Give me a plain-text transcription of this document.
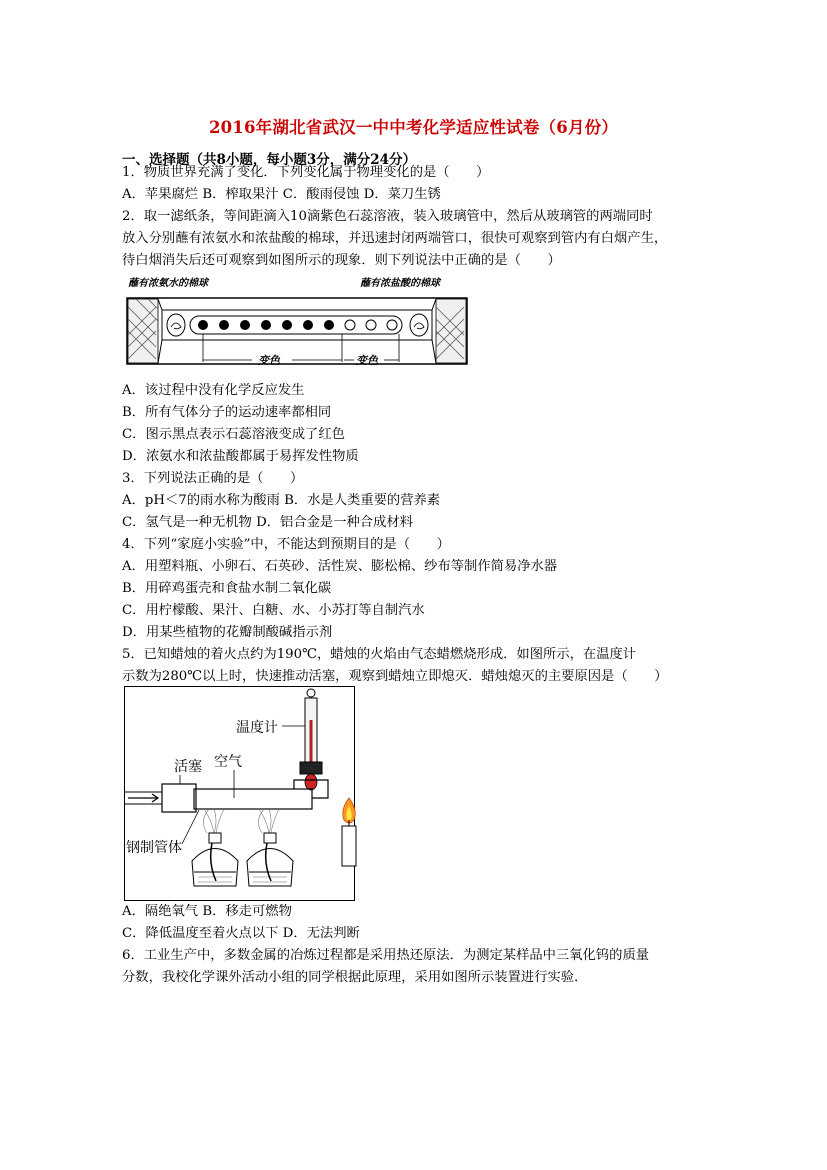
2016年湖北省武汉一中中考化学适应性试卷（6月份）
一、选择题（共8小题，每小题3分，满分24分）
1．物质世界充满了变化．下列变化属于物理变化的是（　　）
A．苹果腐烂 B．榨取果汁 C．酸雨侵蚀 D．菜刀生锈
2．取一滤纸条，等间距滴入10滴紫色石蕊溶液，装入玻璃管中，然后从玻璃管的两端同时
放入分别蘸有浓氨水和浓盐酸的棉球，并迅速封闭两端管口，很快可观察到管内有白烟产生，
待白烟消失后还可观察到如图所示的现象．则下列说法中正确的是（　　）
蘸有浓氨水的棉球	蘸有浓盐酸的棉球
变色	变色
A．该过程中没有化学反应发生
B．所有气体分子的运动速率都相同
C．图示黑点表示石蕊溶液变成了红色
D．浓氨水和浓盐酸都属于易挥发性物质
3．下列说法正确的是（　　）
A．pH＜7的雨水称为酸雨 B．水是人类重要的营养素
C．氢气是一种无机物 D．铝合金是一种合成材料
4．下列“家庭小实验”中，不能达到预期目的是（　　）
A．用塑料瓶、小卵石、石英砂、活性炭、膨松棉、纱布等制作简易净水器
B．用碎鸡蛋壳和食盐水制二氧化碳
C．用柠檬酸、果汁、白糖、水、小苏打等自制汽水
D．用某些植物的花瓣制酸碱指示剂
5．已知蜡烛的着火点约为190℃，蜡烛的火焰由气态蜡燃烧形成．如图所示，在温度计
示数为280℃以上时，快速推动活塞，观察到蜡烛立即熄灭．蜡烛熄灭的主要原因是（　　）
温度计
活塞 空气
钢制管体
A．隔绝氧气 B．移走可燃物
C．降低温度至着火点以下 D．无法判断
6．工业生产中，多数金属的冶炼过程都是采用热还原法．为测定某样品中三氧化钨的质量
分数，我校化学课外活动小组的同学根据此原理，采用如图所示装置进行实验．
